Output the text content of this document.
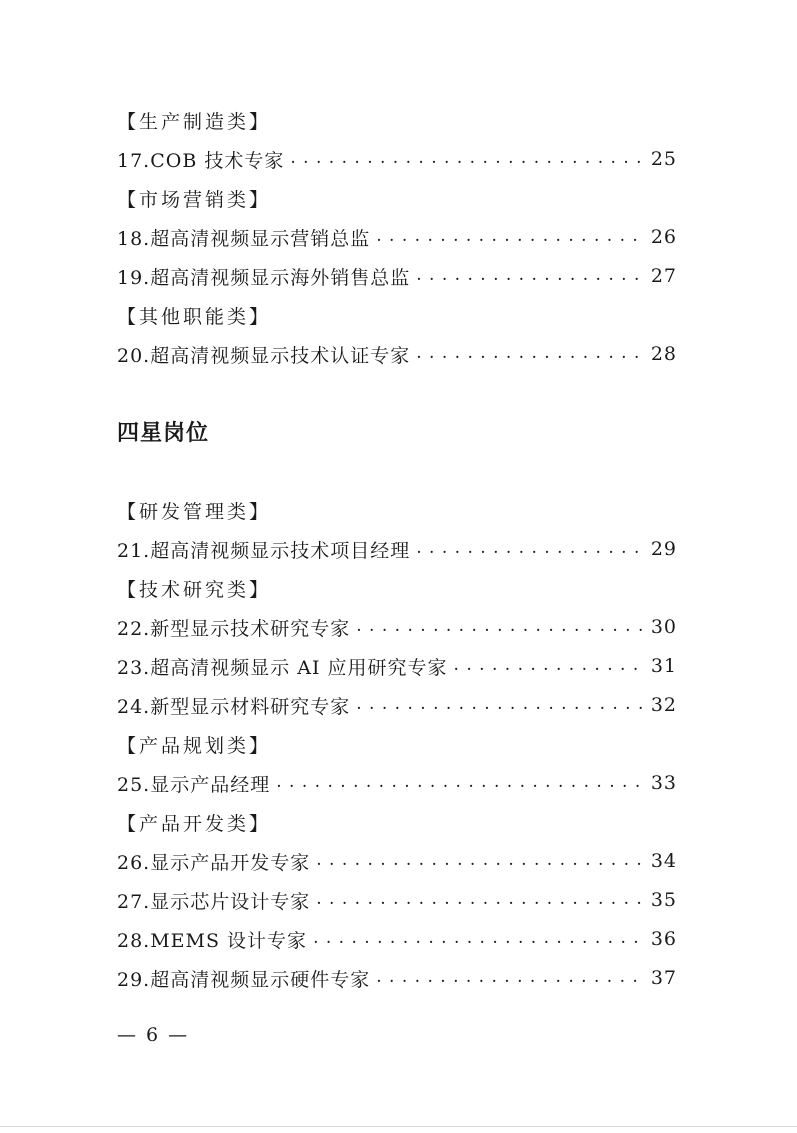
【生产制造类】
17.COB 技术专家 . . .	25
【市场营销类】
18.超高清视频显示营销总监 . . .	26
19.超高清视频显示海外销售总监 . . .	27
【其他职能类】
20.超高清视频显示技术认证专家 . . .	28
四星岗位
【研发管理类】
21.超高清视频显示技术项目经理 . . .	29
【技术研究类】
22.新型显示技术研究专家 . . .	30
23.超高清视频显示 AI 应用研究专家 . . .	31
24.新型显示材料研究专家 . . .	32
【产品规划类】
25.显示产品经理 . . .	33
【产品开发类】
26.显示产品开发专家 . . .	34
27.显示芯片设计专家 . . .	35
28.MEMS 设计专家 . . .	36
29.超高清视频显示硬件专家 . . .	37
— 6 —
